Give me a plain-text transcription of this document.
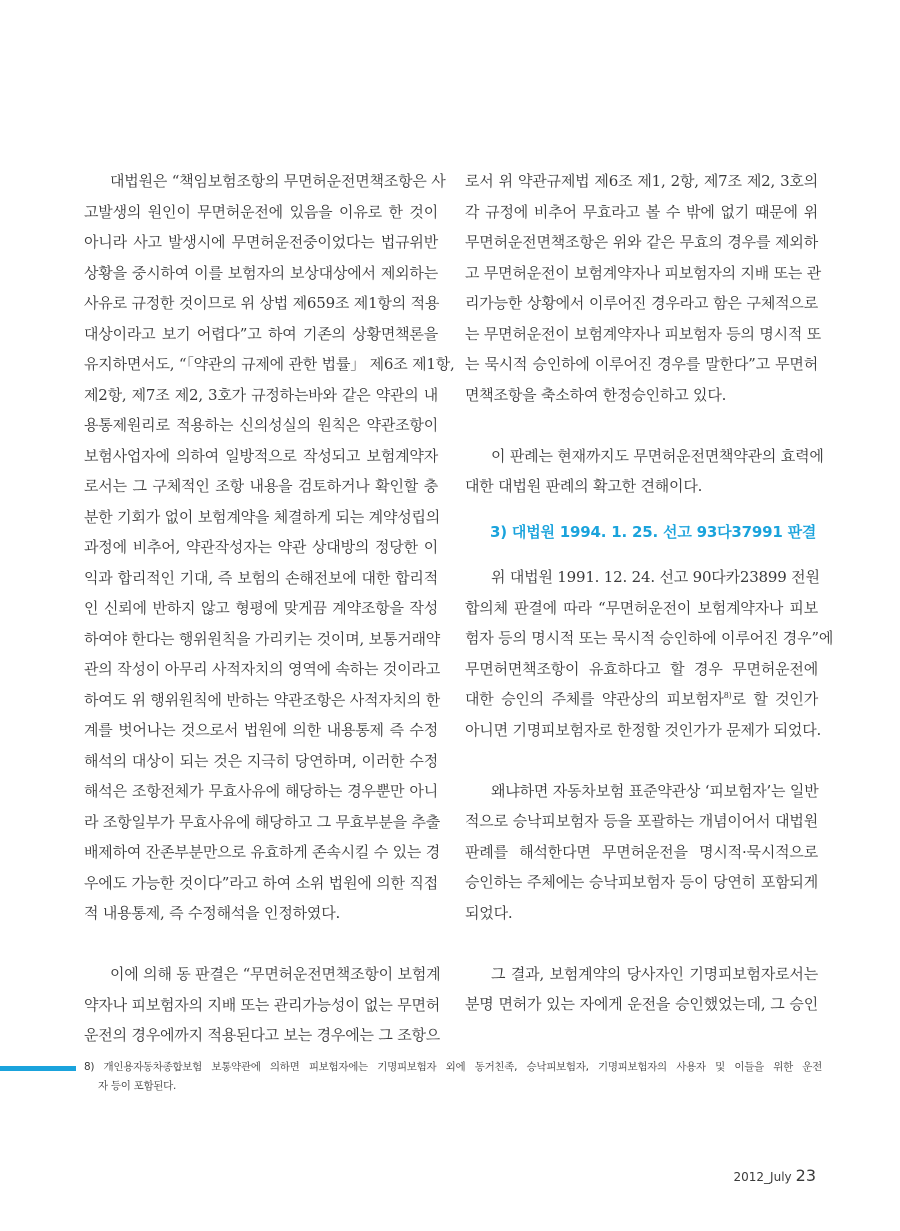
대법원은 “책임보험조항의 무면허운전면책조항은 사
고발생의 원인이 무면허운전에 있음을 이유로 한 것이
아니라 사고 발생시에 무면허운전중이었다는 법규위반
상황을 중시하여 이를 보험자의 보상대상에서 제외하는
사유로 규정한 것이므로 위 상법 제659조 제1항의 적용
대상이라고 보기 어렵다”고 하여 기존의 상황면책론을
유지하면서도, “「약관의 규제에 관한 법률」 제6조 제1항,
제2항, 제7조 제2, 3호가 규정하는바와 같은 약관의 내
용통제원리로 적용하는 신의성실의 원칙은 약관조항이
보험사업자에 의하여 일방적으로 작성되고 보험계약자
로서는 그 구체적인 조항 내용을 검토하거나 확인할 충
분한 기회가 없이 보험계약을 체결하게 되는 계약성립의
과정에 비추어, 약관작성자는 약관 상대방의 정당한 이
익과 합리적인 기대, 즉 보험의 손해전보에 대한 합리적
인 신뢰에 반하지 않고 형평에 맞게끔 계약조항을 작성
하여야 한다는 행위원칙을 가리키는 것이며, 보통거래약
관의 작성이 아무리 사적자치의 영역에 속하는 것이라고
하여도 위 행위원칙에 반하는 약관조항은 사적자치의 한
계를 벗어나는 것으로서 법원에 의한 내용통제 즉 수정
해석의 대상이 되는 것은 지극히 당연하며, 이러한 수정
해석은 조항전체가 무효사유에 해당하는 경우뿐만 아니
라 조항일부가 무효사유에 해당하고 그 무효부분을 추출
배제하여 잔존부분만으로 유효하게 존속시킬 수 있는 경
우에도 가능한 것이다”라고 하여 소위 법원에 의한 직접
적 내용통제, 즉 수정해석을 인정하였다.
이에 의해 동 판결은 “무면허운전면책조항이 보험계
약자나 피보험자의 지배 또는 관리가능성이 없는 무면허
운전의 경우에까지 적용된다고 보는 경우에는 그 조항으
로서 위 약관규제법 제6조 제1, 2항, 제7조 제2, 3호의
각 규정에 비추어 무효라고 볼 수 밖에 없기 때문에 위
무면허운전면책조항은 위와 같은 무효의 경우를 제외하
고 무면허운전이 보험계약자나 피보험자의 지배 또는 관
리가능한 상황에서 이루어진 경우라고 함은 구체적으로
는 무면허운전이 보험계약자나 피보험자 등의 명시적 또
는 묵시적 승인하에 이루어진 경우를 말한다”고 무면허
면책조항을 축소하여 한정승인하고 있다.
이 판례는 현재까지도 무면허운전면책약관의 효력에
대한 대법원 판례의 확고한 견해이다.
3) 대법원 1994. 1. 25. 선고 93다37991 판결
위 대법원 1991. 12. 24. 선고 90다카23899 전원
합의체 판결에 따라 “무면허운전이 보험계약자나 피보
험자 등의 명시적 또는 묵시적 승인하에 이루어진 경우”에
무면허면책조항이 유효하다고 할 경우 무면허운전에
대한 승인의 주체를 약관상의 피보험자$^{8)}$로 할 것인가
아니면 기명피보험자로 한정할 것인가가 문제가 되었다.
왜냐하면 자동차보험 표준약관상 ‘피보험자’는 일반
적으로 승낙피보험자 등을 포괄하는 개념이어서 대법원
판례를 해석한다면 무면허운전을 명시적·묵시적으로
승인하는 주체에는 승낙피보험자 등이 당연히 포함되게
되었다.
그 결과, 보험계약의 당사자인 기명피보험자로서는
분명 면허가 있는 자에게 운전을 승인했었는데, 그 승인
8) 개인용자동차종합보험 보통약관에 의하면 피보험자에는 기명피보험자 외에 동거친족, 승낙피보험자, 기명피보험자의 사용자 및 이들을 위한 운전
자 등이 포함된다.
2012_July 23
